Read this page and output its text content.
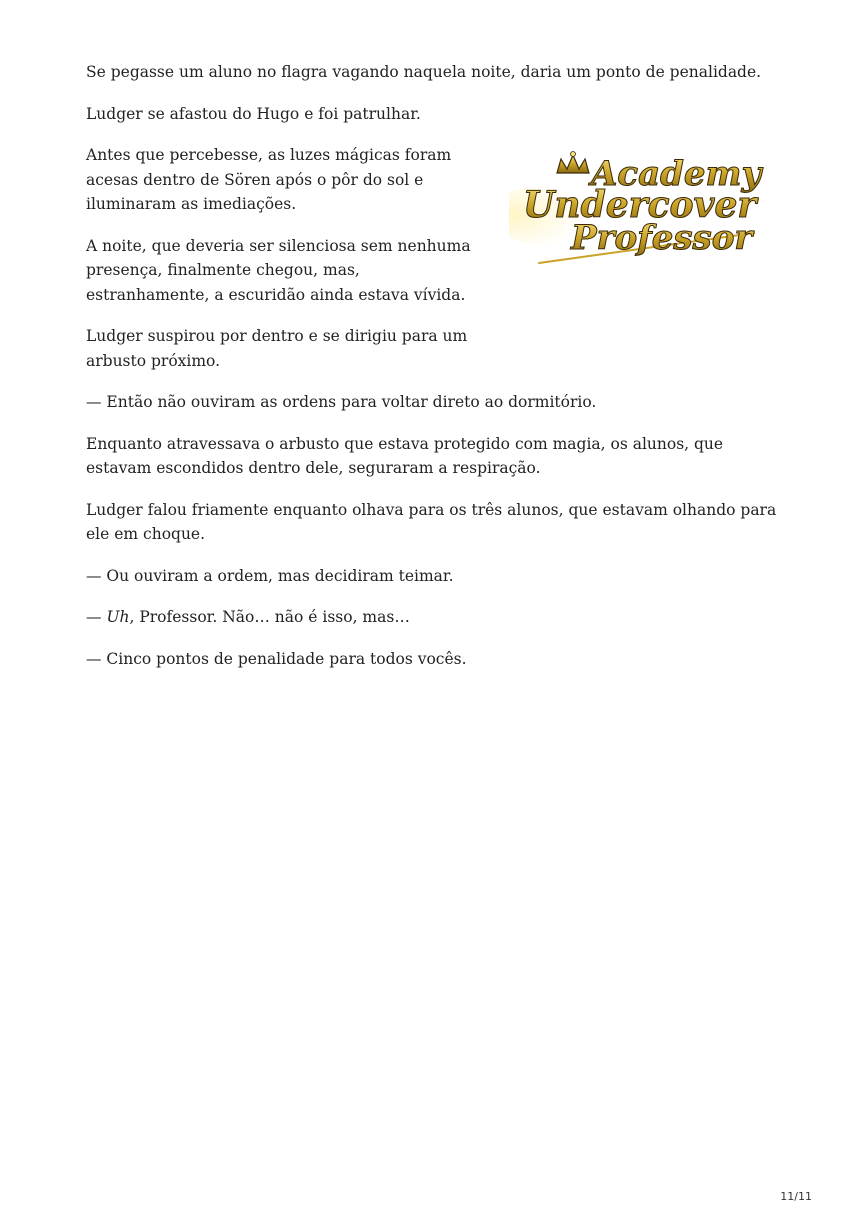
Se pegasse um aluno no flagra vagando naquela noite, daria um ponto de penalidade.

Ludger se afastou do Hugo e foi patrulhar.

Antes que percebesse, as luzes mágicas foram acesas dentro de Sören após o pôr do sol e iluminaram as imediações.

A noite, que deveria ser silenciosa sem nenhuma presença, finalmente chegou, mas, estranhamente, a escuridão ainda estava vívida.

Ludger suspirou por dentro e se dirigiu para um arbusto próximo.

Academy
Undercover
Professor

— Então não ouviram as ordens para voltar direto ao dormitório.

Enquanto atravessava o arbusto que estava protegido com magia, os alunos, que estavam escondidos dentro dele, seguraram a respiração.

Ludger falou friamente enquanto olhava para os três alunos, que estavam olhando para ele em choque.

— Ou ouviram a ordem, mas decidiram teimar.

— Uh, Professor. Não… não é isso, mas…

— Cinco pontos de penalidade para todos vocês.

11/11
